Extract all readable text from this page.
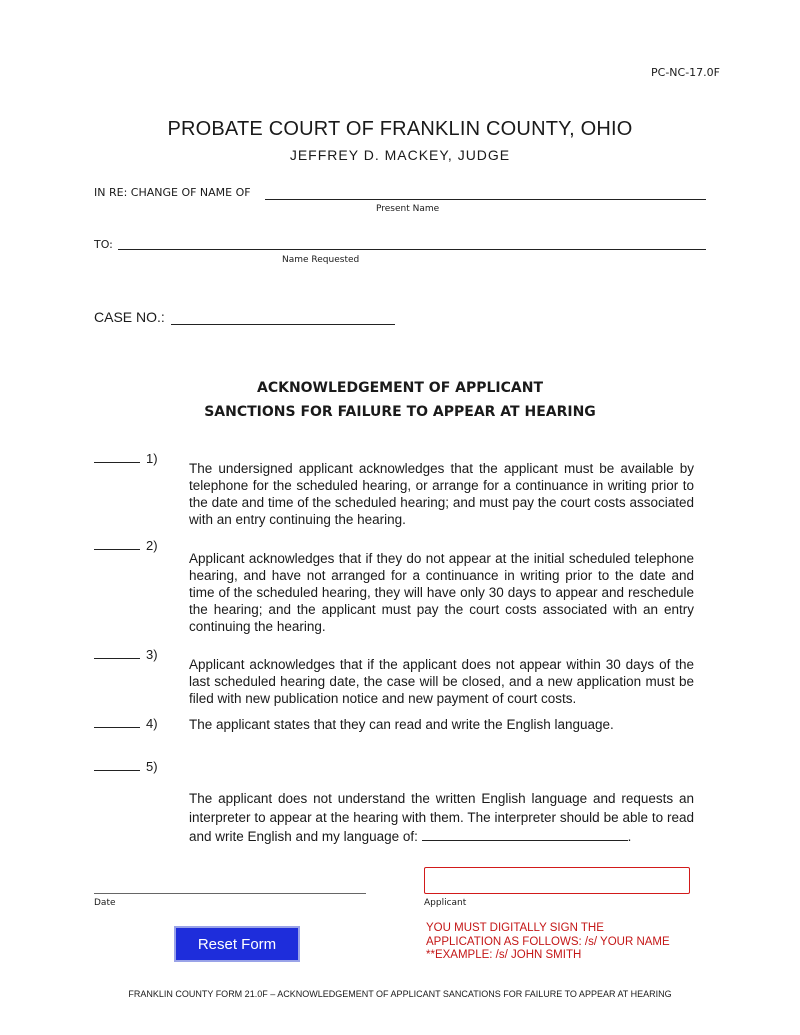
PC-NC-17.0F
PROBATE COURT OF FRANKLIN COUNTY, OHIO
JEFFREY D. MACKEY, JUDGE
IN RE: CHANGE OF NAME OF
Present Name
TO:
Name Requested
CASE NO.:
ACKNOWLEDGEMENT OF APPLICANT
SANCTIONS FOR FAILURE TO APPEAR AT HEARING
1)
The undersigned applicant acknowledges that the applicant must be available by telephone for the scheduled hearing, or arrange for a continuance in writing prior to the date and time of the scheduled hearing; and must pay the court costs associated with an entry continuing the hearing.
2)
Applicant acknowledges that if they do not appear at the initial scheduled telephone hearing, and have not arranged for a continuance in writing prior to the date and time of the scheduled hearing, they will have only 30 days to appear and reschedule the hearing; and the applicant must pay the court costs associated with an entry continuing the hearing.
3)
Applicant acknowledges that if the applicant does not appear within 30 days of the last scheduled hearing date, the case will be closed, and a new application must be filed with new publication notice and new payment of court costs.
4) The applicant states that they can read and write the English language.
5)
The applicant does not understand the written English language and requests an interpreter to appear at the hearing with them. The interpreter should be able to read and write English and my language of:	.
Date	Applicant
Reset Form
YOU MUST DIGITALLY SIGN THE
APPLICATION AS FOLLOWS: /s/ YOUR NAME
**EXAMPLE: /s/ JOHN SMITH
FRANKLIN COUNTY FORM 21.0F – ACKNOWLEDGEMENT OF APPLICANT SANCATIONS FOR FAILURE TO APPEAR AT HEARING
